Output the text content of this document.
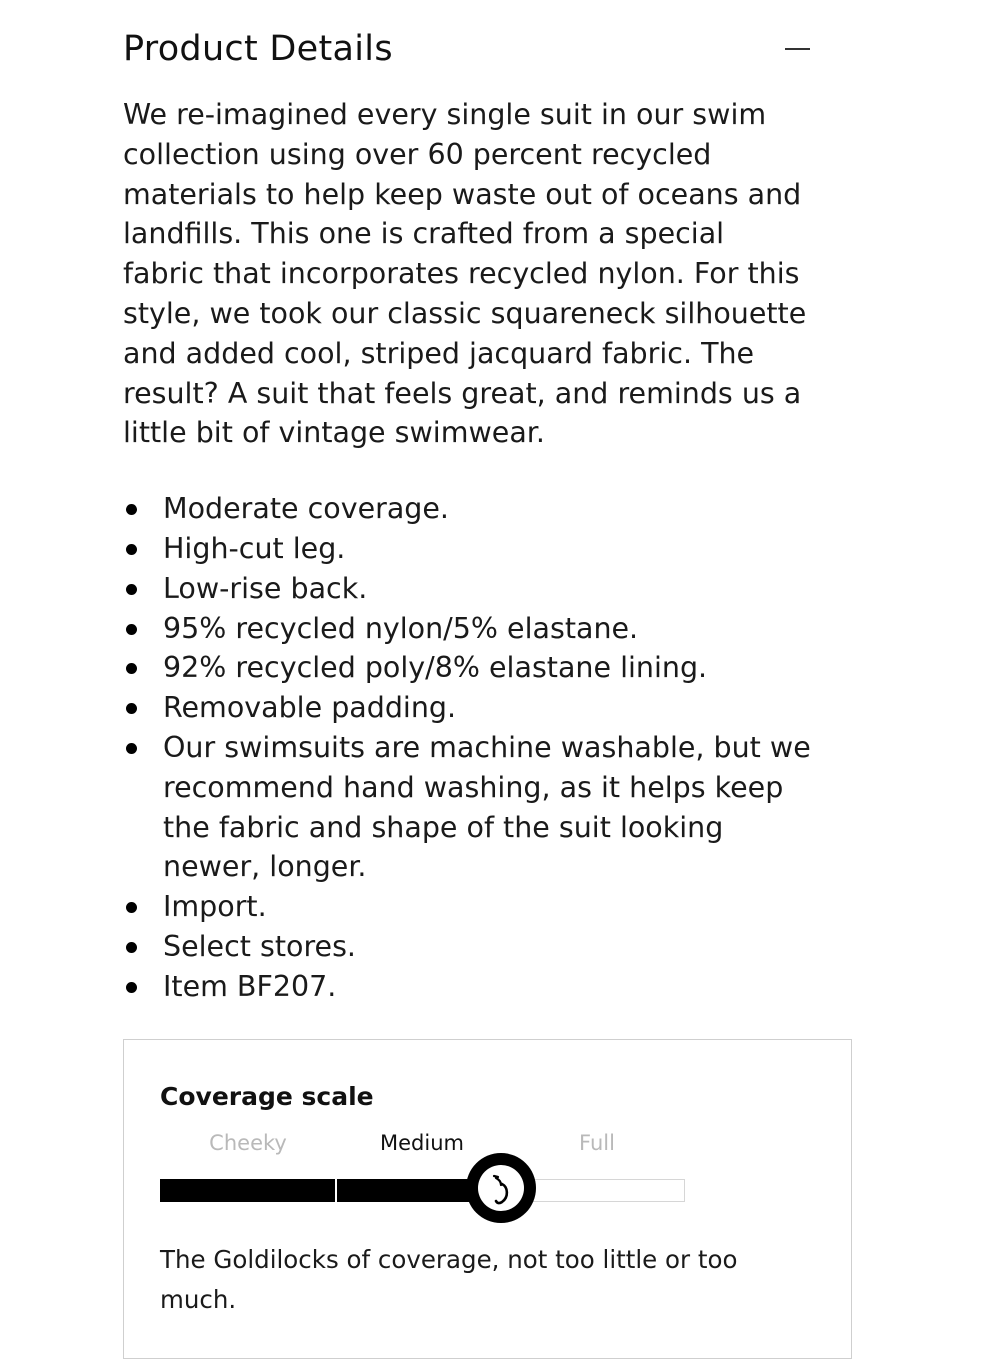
Product Details

We re-imagined every single suit in our swim collection using over 60 percent recycled materials to help keep waste out of oceans and landfills. This one is crafted from a special fabric that incorporates recycled nylon. For this style, we took our classic squareneck silhouette and added cool, striped jacquard fabric. The result? A suit that feels great, and reminds us a little bit of vintage swimwear.

Moderate coverage.
High-cut leg.
Low-rise back.
95% recycled nylon/5% elastane.
92% recycled poly/8% elastane lining.
Removable padding.
Our swimsuits are machine washable, but we recommend hand washing, as it helps keep the fabric and shape of the suit looking newer, longer.
Import.
Select stores.
Item BF207.
Coverage scale
Cheeky	Medium	Full

The Goldilocks of coverage, not too little or too much.
